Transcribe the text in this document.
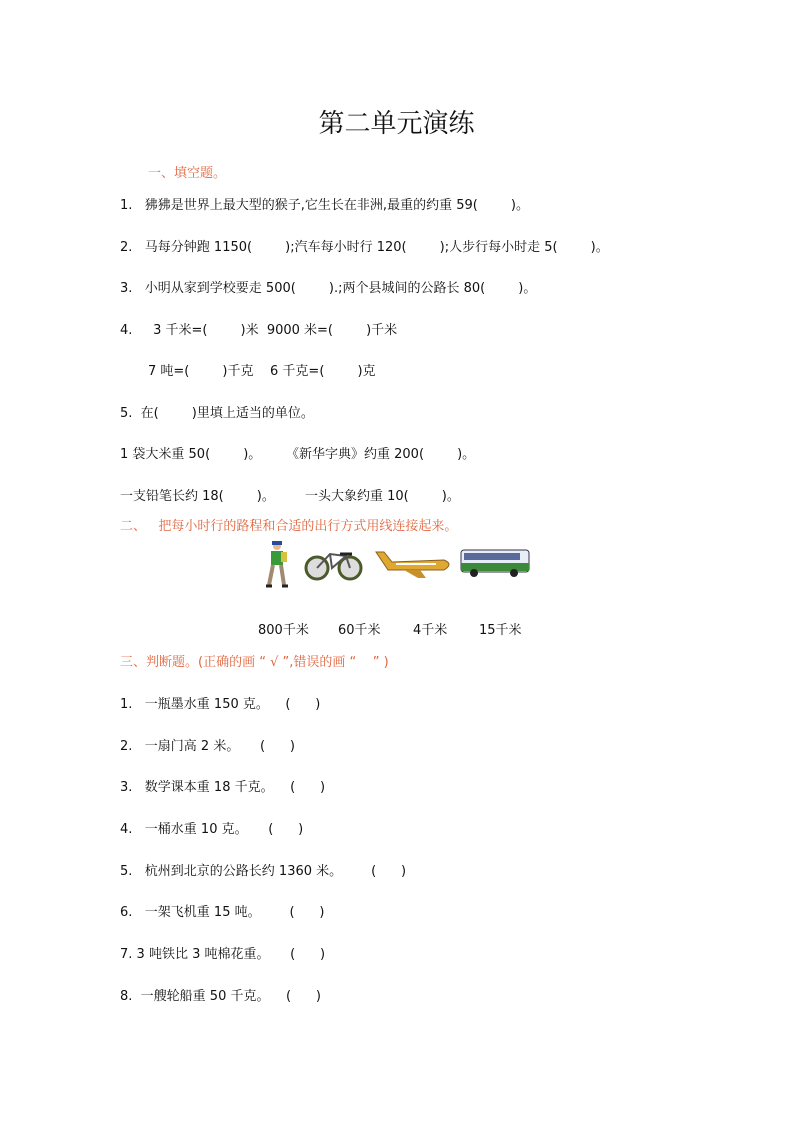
第二单元演练
一、填空题。
1.   狒狒是世界上最大型的猴子,它生长在非洲,最重的约重 59(        )。
2.   马每分钟跑 1150(        );汽车每小时行 120(        );人步行每小时走 5(        )。
3.   小明从家到学校要走 500(        ).;两个县城间的公路长 80(        )。
4.     3 千米=(        )米  9000 米=(        )千米
7 吨=(        )千克    6 千克=(        )克
5.  在(        )里填上适当的单位。
1 袋大米重 50(        )。 《新华字典》约重 200(        )。
一支铅笔长约 18(        )。 一头大象约重 10(        )。
二、   把每小时行的路程和合适的出行方式用线连接起来。
800千米 60千米 4千米 15千米
三、判断题。(正确的画 “ √ ”,错误的画 “    ” )
1.   一瓶墨水重 150 克。    (      )
2.   一扇门高 2 米。     (      )
3.   数学课本重 18 千克。    (      )
4.   一桶水重 10 克。     (      )
5.   杭州到北京的公路长约 1360 米。       (      )
6.   一架飞机重 15 吨。       (      )
7. 3 吨铁比 3 吨棉花重。     (      )
8.  一艘轮船重 50 千克。    (      )
